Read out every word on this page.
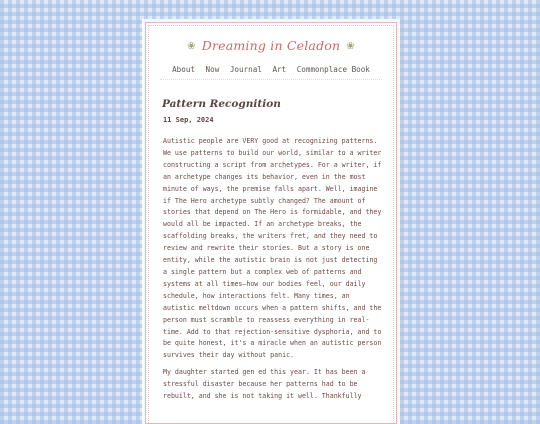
❀ Dreaming in Celadon ❀
About Now Journal Art Commonplace Book
Pattern Recognition
11 Sep, 2024

Autistic people are VERY good at recognizing patterns. We use patterns to build our world, similar to a writer constructing a script from archetypes. For a writer, if an archetype changes its behavior, even in the most minute of ways, the premise falls apart. Well, imagine if The Hero archetype subtly changed? The amount of stories that depend on The Hero is formidable, and they would all be impacted. If an archetype breaks, the scaffolding breaks, the writers fret, and they need to review and rewrite their stories. But a story is one entity, while the autistic brain is not just detecting a single pattern but a complex web of patterns and systems at all times—how our bodies feel, our daily schedule, how interactions felt. Many times, an autistic meltdown occurs when a pattern shifts, and the person must scramble to reassess everything in real-time. Add to that rejection-sensitive dysphoria, and to be quite honest, it's a miracle when an autistic person survives their day without panic.

My daughter started gen ed this year. It has been a stressful disaster because her patterns had to be rebuilt, and she is not taking it well. Thankfully
